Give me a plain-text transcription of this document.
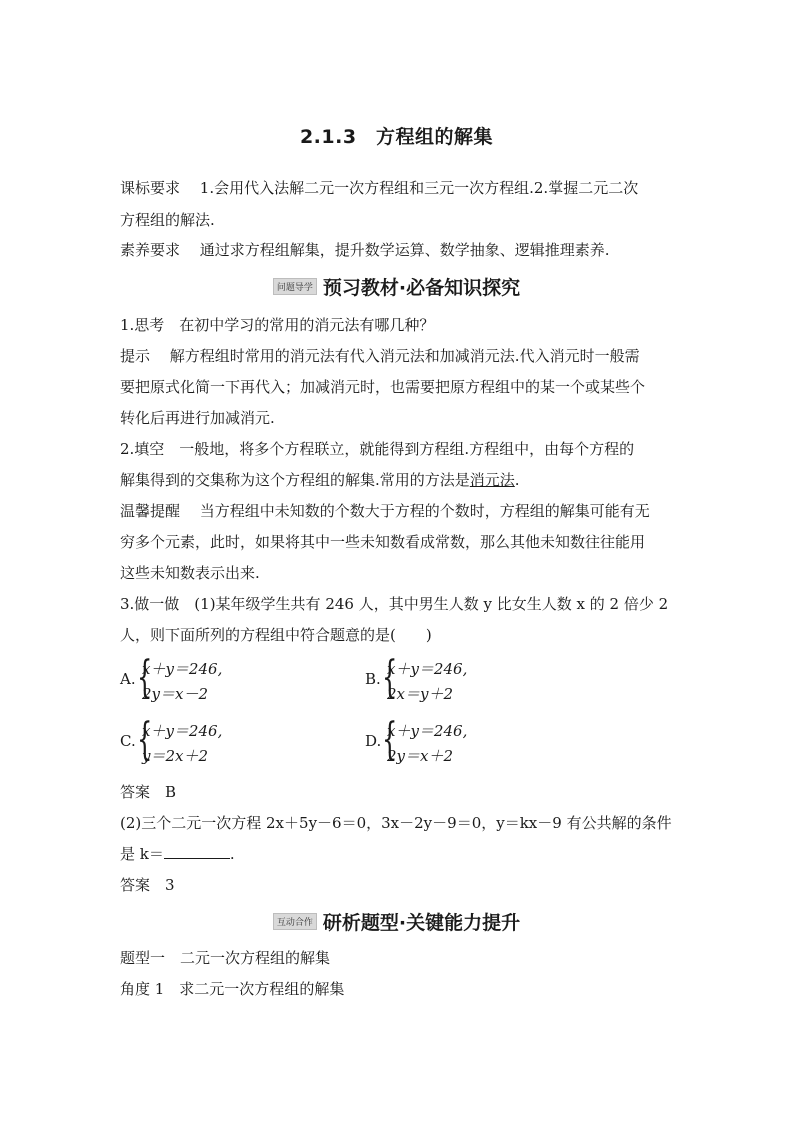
2.1.3　方程组的解集
课标要求　 1.会用代入法解二元一次方程组和三元一次方程组.2.掌握二元二次
方程组的解法.
素养要求　 通过求方程组解集，提升数学运算、数学抽象、逻辑推理素养.
问题导学 预习教材·必备知识探究
1.思考　在初中学习的常用的消元法有哪几种？
提示　 解方程组时常用的消元法有代入消元法和加减消元法.代入消元时一般需
要把原式化简一下再代入；加减消元时，也需要把原方程组中的某一个或某些个
转化后再进行加减消元.
2.填空　一般地，将多个方程联立，就能得到方程组.方程组中，由每个方程的
解集得到的交集称为这个方程组的解集.常用的方法是消元法.
温馨提醒　 当方程组中未知数的个数大于方程的个数时，方程组的解集可能有无
穷多个元素，此时，如果将其中一些未知数看成常数，那么其他未知数往往能用
这些未知数表示出来.
3.做一做　(1)某年级学生共有 246 人，其中男生人数 y 比女生人数 x 的 2 倍少 2
人，则下面所列的方程组中符合题意的是(　　)
A. {
x＋y＝246,
2y＝x－2
B. {
x＋y＝246,
2x＝y＋2
C. {
x＋y＝246,
y＝2x＋2
D. {
x＋y＝246,
2y＝x＋2
答案　B
(2)三个二元一次方程 2x＋5y－6＝0，3x－2y－9＝0，y＝kx－9 有公共解的条件
是 k＝	.
答案　3
互动合作 研析题型·关键能力提升
题型一　二元一次方程组的解集
角度 1　求二元一次方程组的解集
